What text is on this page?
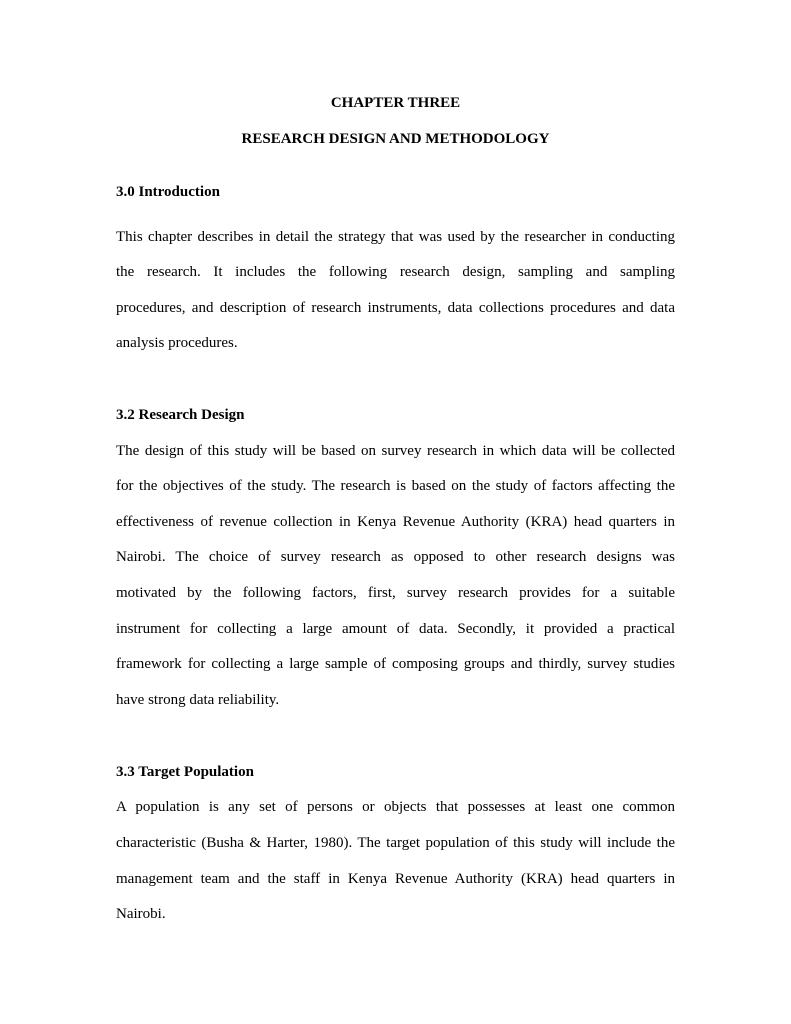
CHAPTER THREE
RESEARCH DESIGN AND METHODOLOGY
3.0 Introduction

This chapter describes in detail the strategy that was used by the researcher in conducting

the research. It includes the following research design, sampling and sampling

procedures, and description of research instruments, data collections procedures and data

analysis procedures.

3.2 Research Design

The design of this study will be based on survey research in which data will be collected

for the objectives of the study. The research is based on the study of factors affecting the

effectiveness of revenue collection in Kenya Revenue Authority (KRA) head quarters in

Nairobi. The choice of survey research as opposed to other research designs was

motivated by the following factors, first, survey research provides for a suitable

instrument for collecting a large amount of data. Secondly, it provided a practical

framework for collecting a large sample of composing groups and thirdly, survey studies

have strong data reliability.

3.3 Target Population

A population is any set of persons or objects that possesses at least one common

characteristic (Busha & Harter, 1980). The target population of this study will include the

management team and the staff in Kenya Revenue Authority (KRA) head quarters in

Nairobi.
